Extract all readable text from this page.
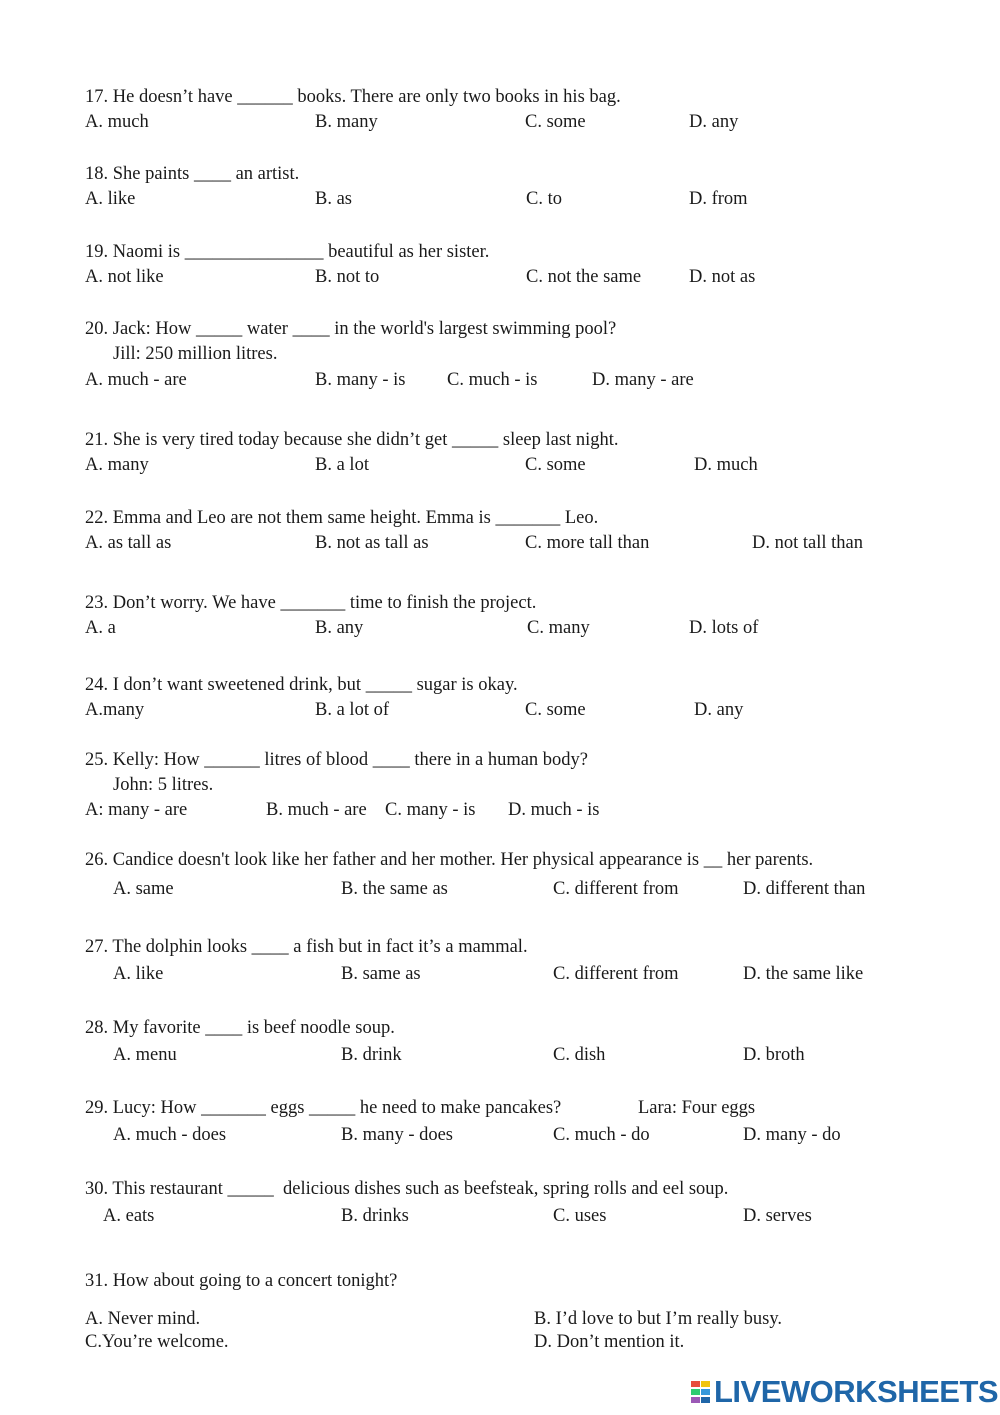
17. He doesn’t have ______ books. There are only two books in his bag.
A. much	B. many	C. some	D. any
18. She paints ____ an artist.
A. like	B. as	C. to	D. from
19. Naomi is _______________ beautiful as her sister.
A. not like	B. not to	C. not the same	D. not as
20. Jack: How _____ water ____ in the world's largest swimming pool?
Jill: 250 million litres.
A. much - are	B. many - is C. much - is	D. many - are
21. She is very tired today because she didn’t get _____ sleep last night.
A. many	B. a lot	C. some	D. much
22. Emma and Leo are not them same height. Emma is _______ Leo.
A. as tall as	B. not as tall as	C. more tall than	D. not tall than
23. Don’t worry. We have _______ time to finish the project.
A. a	B. any	C. many	D. lots of
24. I don’t want sweetened drink, but _____ sugar is okay.
A.many	B. a lot of	C. some	D. any
25. Kelly: How ______ litres of blood ____ there in a human body?
John: 5 litres.
A: many - are	B. much - are C. many - is D. much - is
26. Candice doesn't look like her father and her mother. Her physical appearance is __ her parents.
A. same	B. the same as	C. different from	D. different than
27. The dolphin looks ____ a fish but in fact it’s a mammal.
A. like	B. same as	C. different from	D. the same like
28. My favorite ____ is beef noodle soup.
A. menu	B. drink	C. dish	D. broth
29. Lucy: How _______ eggs _____ he need to make pancakes?	Lara: Four eggs
A. much - does	B. many - does	C. much - do	D. many - do
30. This restaurant _____  delicious dishes such as beefsteak, spring rolls and eel soup.
A. eats	B. drinks	C. uses	D. serves
31. How about going to a concert tonight?
A. Never mind.	B. I’d love to but I’m really busy.
C.You’re welcome.	D. Don’t mention it.
LIVEWORKSHEETS
